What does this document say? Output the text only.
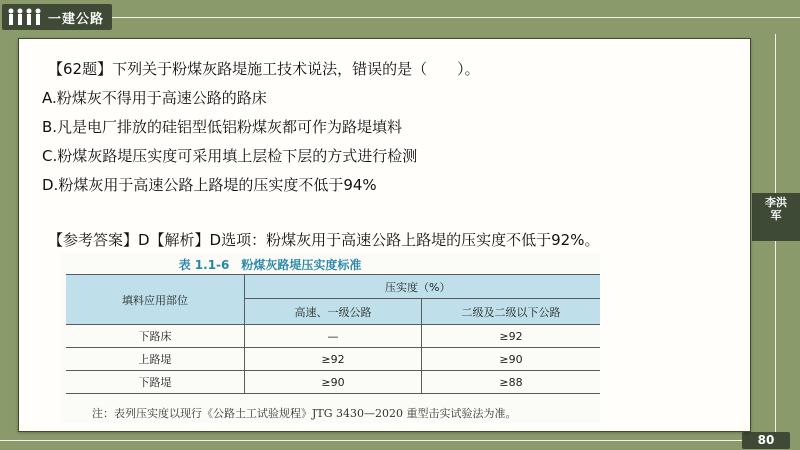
一建公路
李洪军
80
【62题】下列关于粉煤灰路堤施工技术说法，错误的是（　　）。
A.粉煤灰不得用于高速公路的路床
B.凡是电厂排放的硅铝型低铝粉煤灰都可作为路堤填料
C.粉煤灰路堤压实度可采用填上层检下层的方式进行检测
D.粉煤灰用于高速公路上路堤的压实度不低于94%
【参考答案】D【解析】D选项：粉煤灰用于高速公路上路堤的压实度不低于92%。
表 1.1-6　粉煤灰路堤压实度标准
填料应用部位	压实度（%）	
	高速、一级公路	二级及二级以下公路
下路床	—	≥92
上路堤	≥92	≥90
下路堤	≥90	≥88
注：表列压实度以现行《公路土工试验规程》JTG 3430—2020 重型击实试验法为准。
